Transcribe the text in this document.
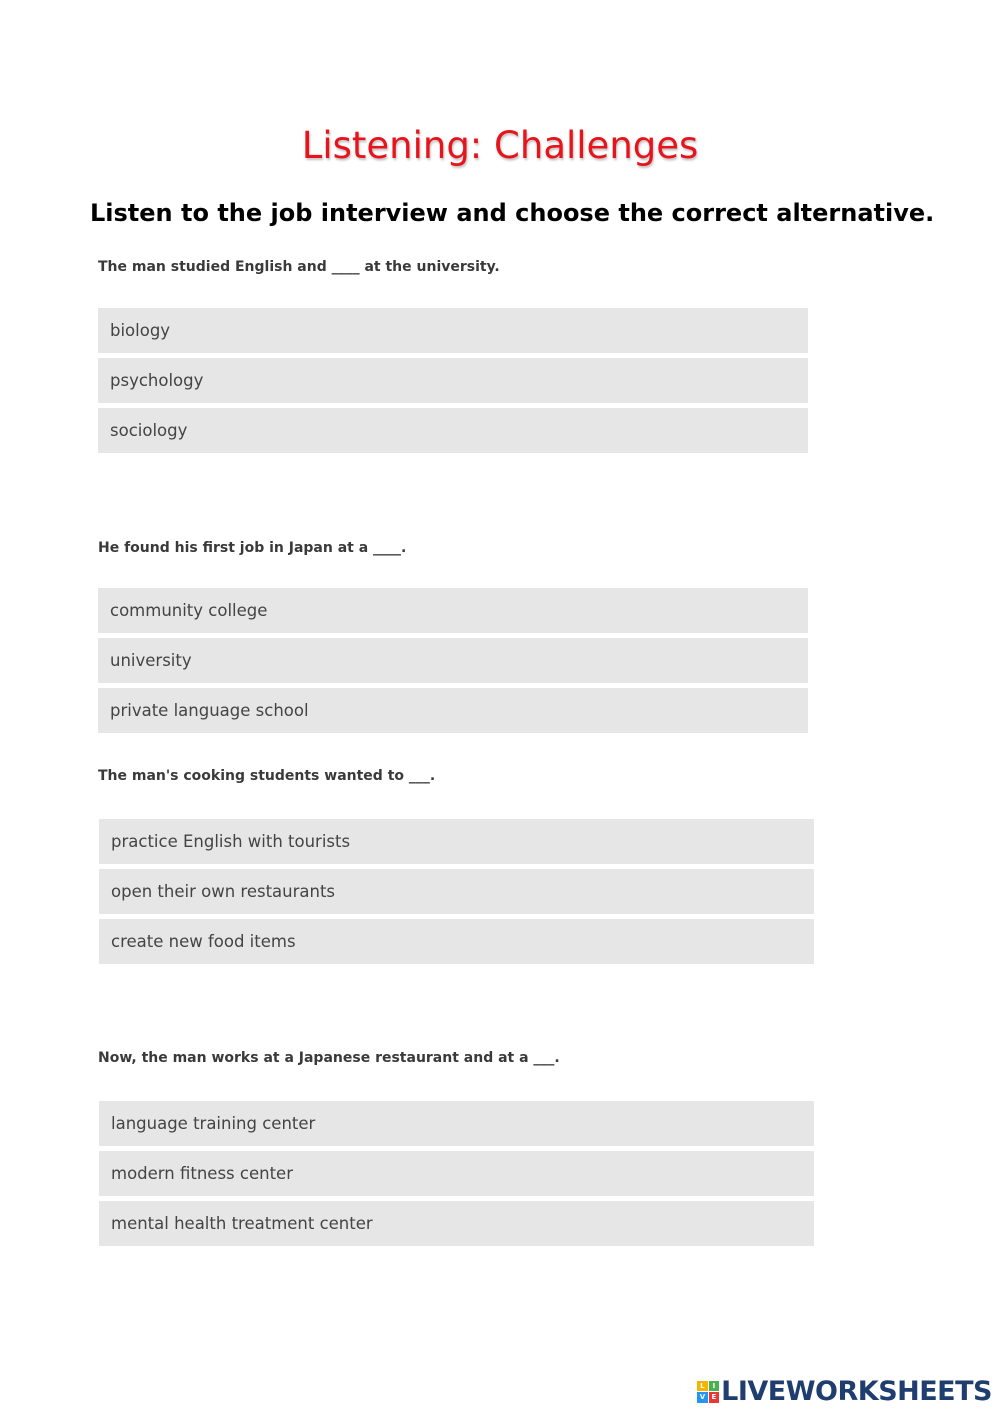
Listening: Challenges
Listen to the job interview and choose the correct alternative.
The man studied English and ____ at the university.
biology
psychology
sociology
He found his first job in Japan at a ____.
community college
university
private language school
The man's cooking students wanted to ___.
practice English with tourists
open their own restaurants
create new food items
Now, the man works at a Japanese restaurant and at a ___.
language training center
modern fitness center
mental health treatment center
L	I
V E LIVEWORKSHEETS
